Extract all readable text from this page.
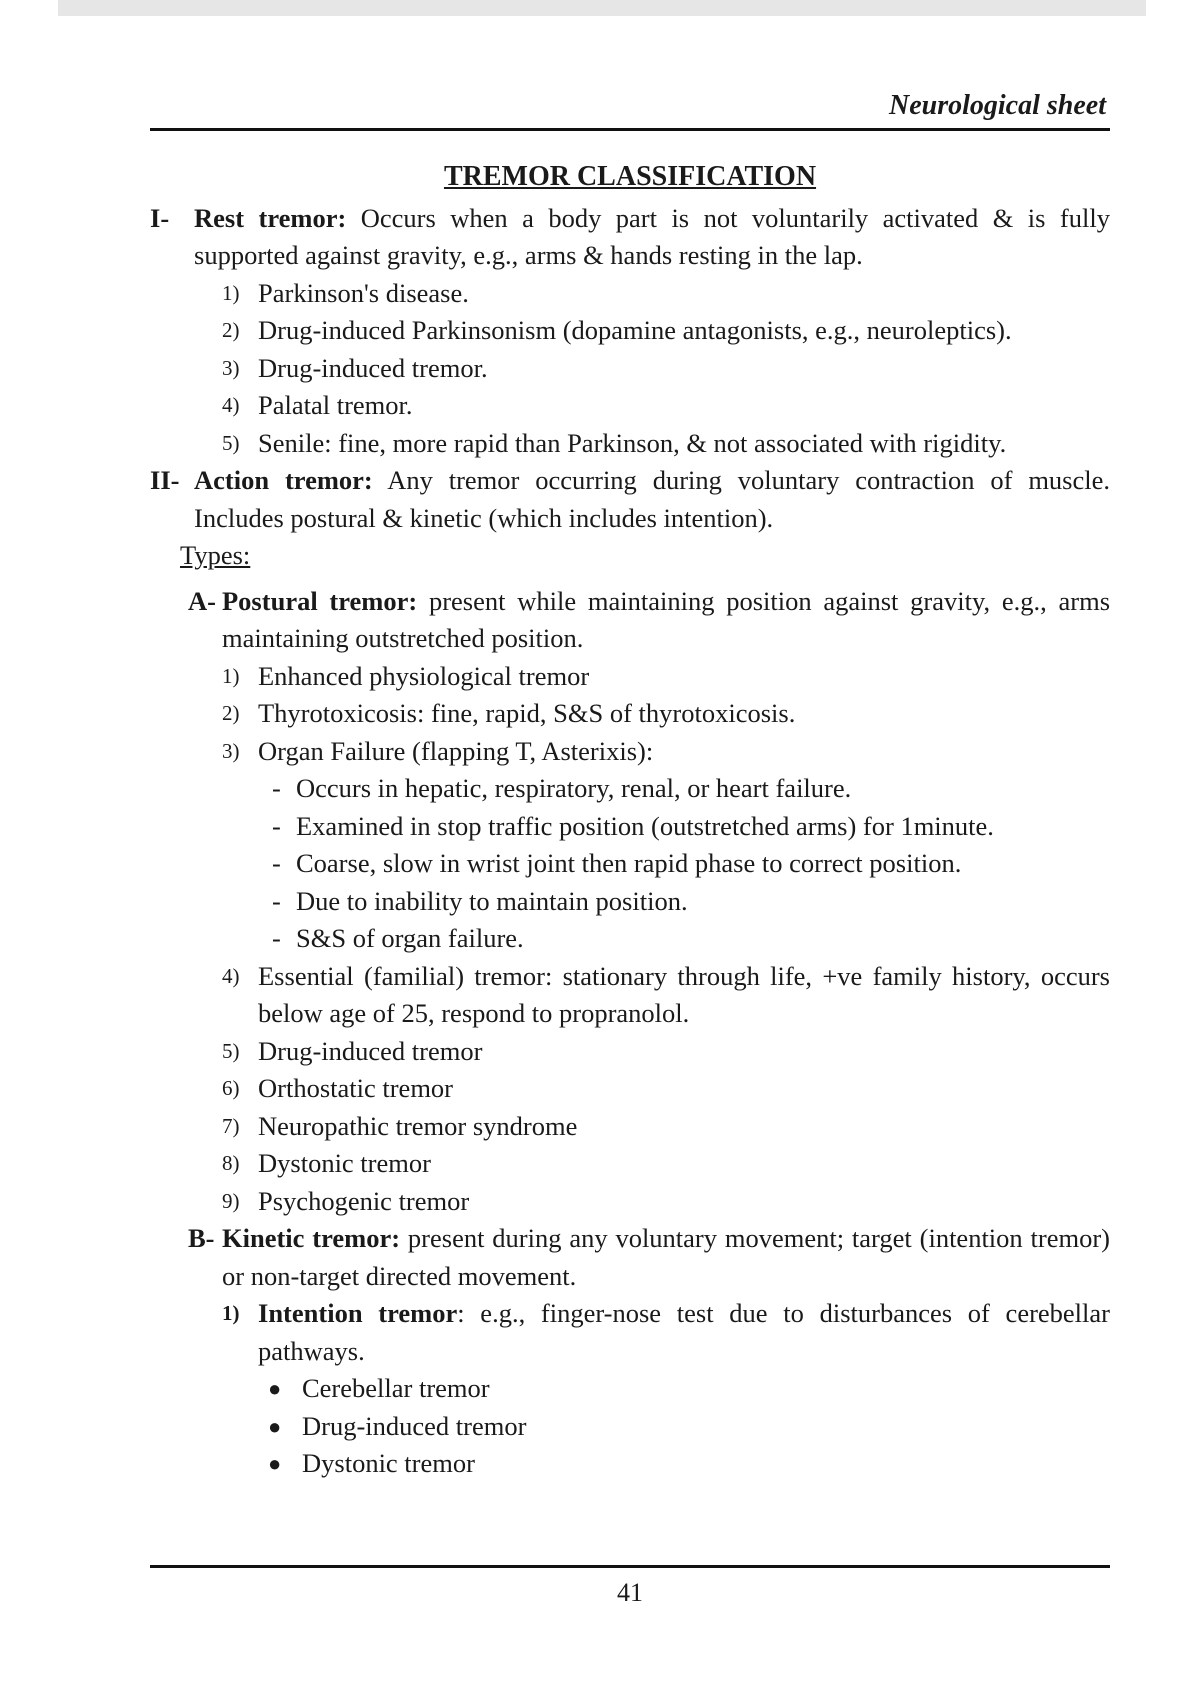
Neurological sheet

TREMOR CLASSIFICATION

I- Rest tremor: Occurs when a body part is not voluntarily activated & is fully supported against gravity, e.g., arms & hands resting in the lap.

1) Parkinson's disease.

2) Drug-induced Parkinsonism (dopamine antagonists, e.g., neuroleptics).

3) Drug-induced tremor.

4) Palatal tremor.

5) Senile: fine, more rapid than Parkinson, & not associated with rigidity.

II- Action tremor: Any tremor occurring during voluntary contraction of muscle. Includes postural & kinetic (which includes intention).

Types:

A- Postural tremor: present while maintaining position against gravity, e.g., arms maintaining outstretched position.

1) Enhanced physiological tremor

2) Thyrotoxicosis: fine, rapid, S&S of thyrotoxicosis.

3) Organ Failure (flapping T, Asterixis):

- Occurs in hepatic, respiratory, renal, or heart failure.

- Examined in stop traffic position (outstretched arms) for 1minute.

- Coarse, slow in wrist joint then rapid phase to correct position.

- Due to inability to maintain position.

- S&S of organ failure.

4) Essential (familial) tremor: stationary through life, +ve family history, occurs below age of 25, respond to propranolol.

5) Drug-induced tremor

6) Orthostatic tremor

7) Neuropathic tremor syndrome

8) Dystonic tremor

9) Psychogenic tremor

B- Kinetic tremor: present during any voluntary movement; target (intention tremor) or non-target directed movement.

1) Intention tremor: e.g., finger-nose test due to disturbances of cerebellar pathways.

● Cerebellar tremor

● Drug-induced tremor

● Dystonic tremor

41
